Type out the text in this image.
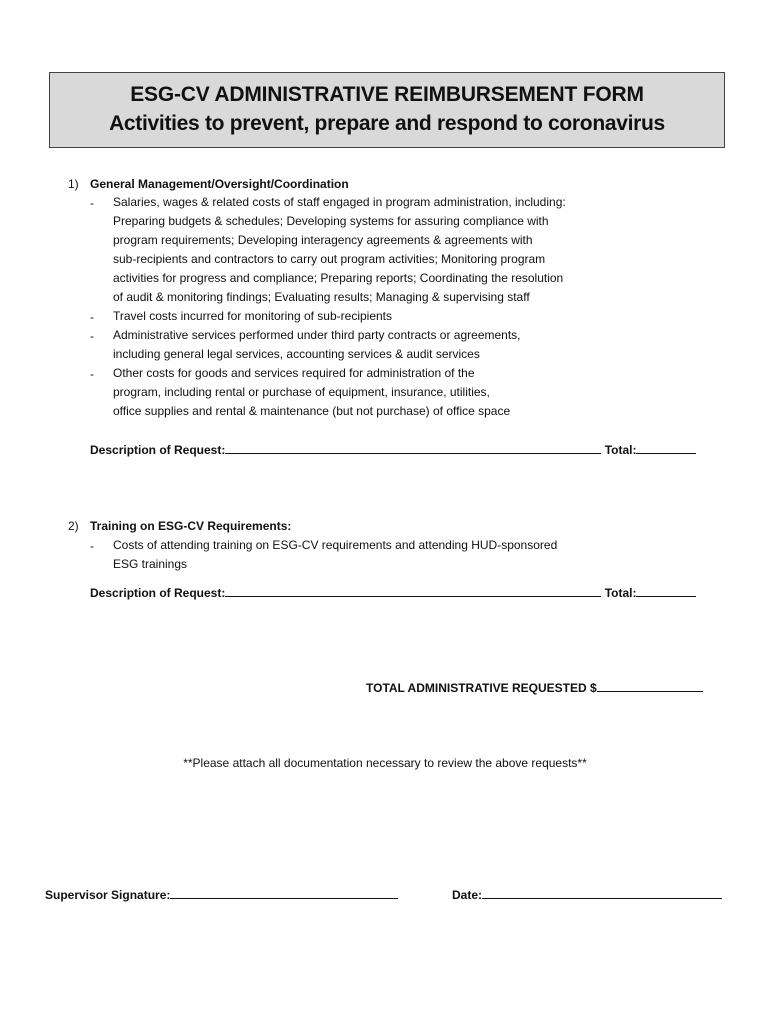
ESG-CV ADMINISTRATIVE REIMBURSEMENT FORM
Activities to prevent, prepare and respond to coronavirus
1) General Management/Oversight/Coordination
- Salaries, wages & related costs of staff engaged in program administration, including:
Preparing budgets & schedules; Developing systems for assuring compliance with
program requirements; Developing interagency agreements & agreements with
sub-recipients and contractors to carry out program activities; Monitoring program
activities for progress and compliance; Preparing reports; Coordinating the resolution
of audit & monitoring findings; Evaluating results; Managing & supervising staff
- Travel costs incurred for monitoring of sub-recipients
- Administrative services performed under third party contracts or agreements,
including general legal services, accounting services & audit services
- Other costs for goods and services required for administration of the
program, including rental or purchase of equipment, insurance, utilities,
office supplies and rental & maintenance (but not purchase) of office space
Description of Request:	Total:
2) Training on ESG-CV Requirements:
- Costs of attending training on ESG-CV requirements and attending HUD-sponsored
ESG trainings
Description of Request:	Total:
TOTAL ADMINISTRATIVE REQUESTED $
**Please attach all documentation necessary to review the above requests**
Supervisor Signature:	Date:
